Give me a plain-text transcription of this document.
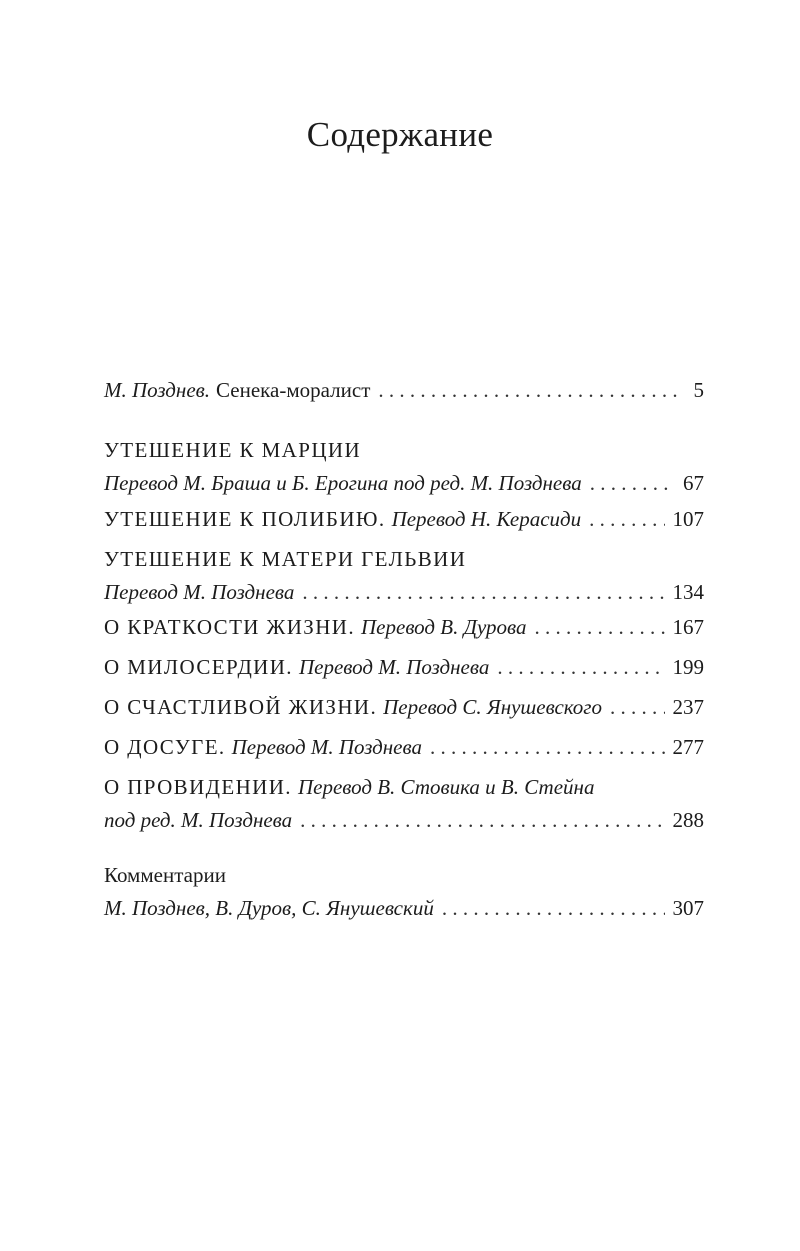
Содержание
М. Позднев. Сенека-моралист . . .	5
УТЕШЕНИЕ К МАРЦИИ
Перевод М. Браша и Б. Ерогина под ред. М. Позднева . . .	67
УТЕШЕНИЕ К ПОЛИБИЮ. Перевод Н. Керасиди . . .	107
УТЕШЕНИЕ К МАТЕРИ ГЕЛЬВИИ
Перевод М. Позднева . . .	134
О КРАТКОСТИ ЖИЗНИ. Перевод В. Дурова . . .	167
О МИЛОСЕРДИИ. Перевод М. Позднева . . .	199
О СЧАСТЛИВОЙ ЖИЗНИ. Перевод С. Янушевского . . .	237
О ДОСУГЕ. Перевод М. Позднева . . .	277
О ПРОВИДЕНИИ. Перевод В. Стовика и В. Стейна
под ред. М. Позднева . . .	288
Комментарии
М. Позднев, В. Дуров, С. Янушевский . . .	307
